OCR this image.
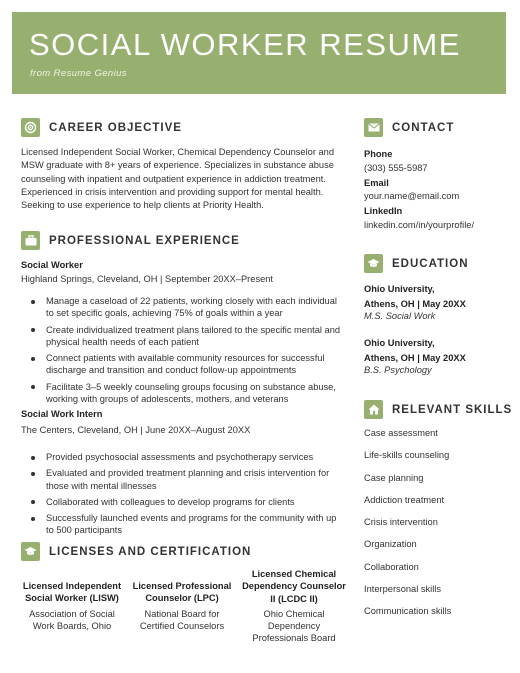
SOCIAL WORKER RESUME
from Resume Genius
CAREER OBJECTIVE
Licensed Independent Social Worker, Chemical Dependency Counselor and
MSW graduate with 8+ years of experience. Specializes in substance abuse
counseling with inpatient and outpatient experience in addiction treatment.
Experienced in crisis intervention and providing support for mental health.
Seeking to use experience to help clients at Priority Health.
PROFESSIONAL EXPERIENCE
Social Worker
Highland Springs, Cleveland, OH | September 20XX–Present
Manage a caseload of 22 patients, working closely with each individual to set specific goals, achieving 75% of goals within a year
Create individualized treatment plans tailored to the specific mental and physical health needs of each patient
Connect patients with available community resources for successful discharge and transition and conduct follow-up appointments
Facilitate 3–5 weekly counseling groups focusing on substance abuse, working with groups of adolescents, mothers, and veterans
Social Work Intern
The Centers, Cleveland, OH | June 20XX–August 20XX
Provided psychosocial assessments and psychotherapy services
Evaluated and provided treatment planning and crisis intervention for those with mental illnesses
Collaborated with colleagues to develop programs for clients
Successfully launched events and programs for the community with up to 500 participants
LICENSES AND CERTIFICATION
Licensed Independent Social Worker (LISW)
Association of Social Work Boards, Ohio
Licensed Professional Counselor (LPC)
National Board for Certified Counselors
Licensed Chemical Dependency Counselor II (LCDC II)
Ohio Chemical Dependency Professionals Board
CONTACT
Phone
(303) 555-5987
Email
your.name@email.com
LinkedIn
linkedin.com/in/yourprofile/
EDUCATION
Ohio University,
Athens, OH | May 20XX
M.S. Social Work
Ohio University,
Athens, OH | May 20XX
B.S. Psychology
RELEVANT SKILLS
Case assessment
Life-skills counseling
Case planning
Addiction treatment
Crisis intervention
Organization
Collaboration
Interpersonal skills
Communication skills
